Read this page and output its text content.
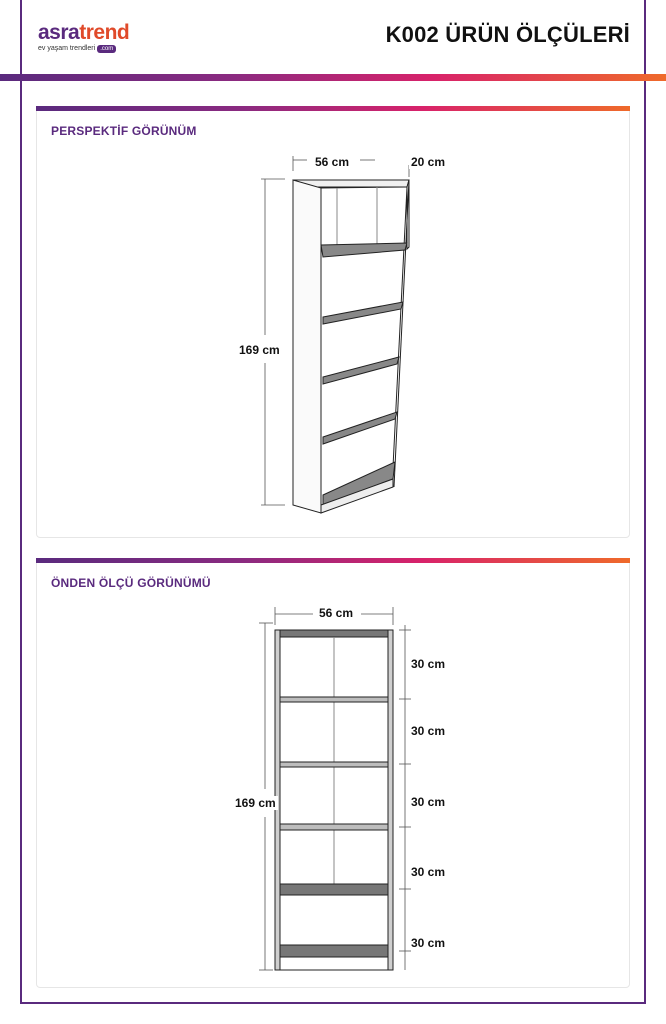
asratrend
ev yaşam trendleri .com
K002 ÜRÜN ÖLÇÜLERİ
PERSPEKTİF GÖRÜNÜM
56 cm	20 cm
169 cm
ÖNDEN ÖLÇÜ GÖRÜNÜMÜ
56 cm
169 cm
30 cm
30 cm
30 cm
30 cm
30 cm
